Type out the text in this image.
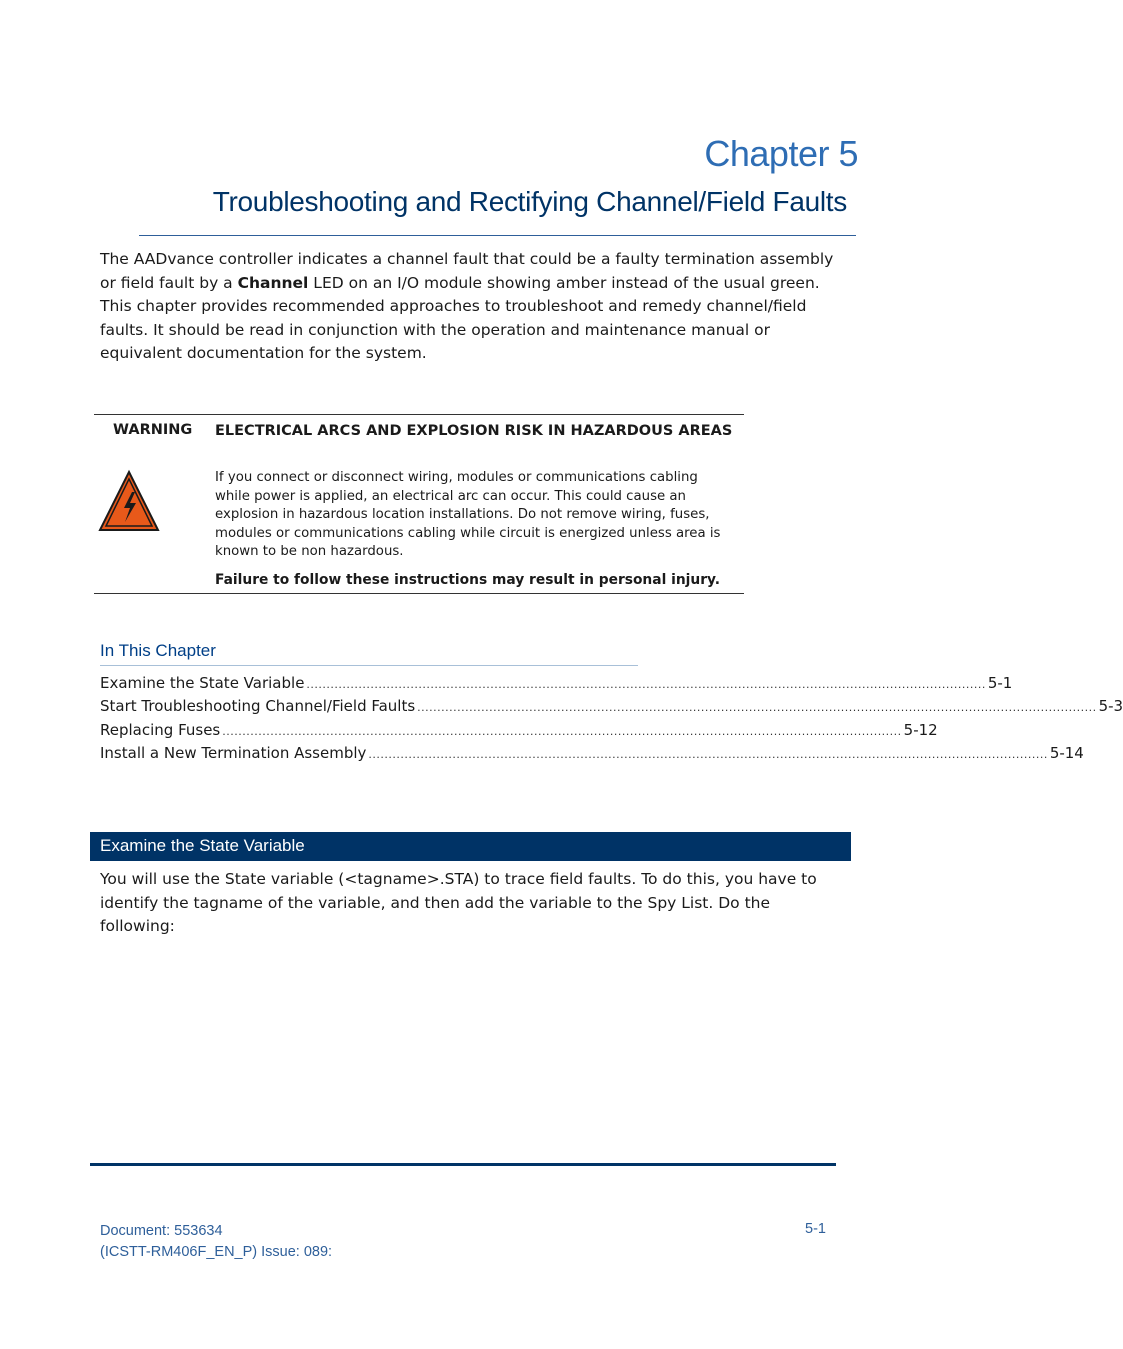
Chapter 5
Troubleshooting and Rectifying Channel/Field Faults
The AADvance controller indicates a channel fault that could be a faulty termination assembly or field fault by a Channel LED on an I/O module showing amber instead of the usual green. This chapter provides recommended approaches to troubleshoot and remedy channel/field faults. It should be read in conjunction with the operation and maintenance manual or equivalent documentation for the system.
WARNING ELECTRICAL ARCS AND EXPLOSION RISK IN HAZARDOUS AREAS
If you connect or disconnect wiring, modules or communications cabling while power is applied, an electrical arc can occur. This could cause an explosion in hazardous location installations. Do not remove wiring, fuses, modules or communications cabling while circuit is energized unless area is known to be non hazardous.
Failure to follow these instructions may result in personal injury.
In This Chapter
Examine the State Variable .......................................................................................................................................................................... 5-1
Start Troubleshooting Channel/Field Faults .......................................................................................................................................................................... 5-3
Replacing Fuses .......................................................................................................................................................................... 5-12
Install a New Termination Assembly .......................................................................................................................................................................... 5-14
Examine the State Variable
You will use the State variable (<tagname>.STA) to trace field faults. To do this, you have to identify the tagname of the variable, and then add the variable to the Spy List. Do the following:
Document: 553634
(ICSTT-RM406F_EN_P) Issue: 089:
5-1
